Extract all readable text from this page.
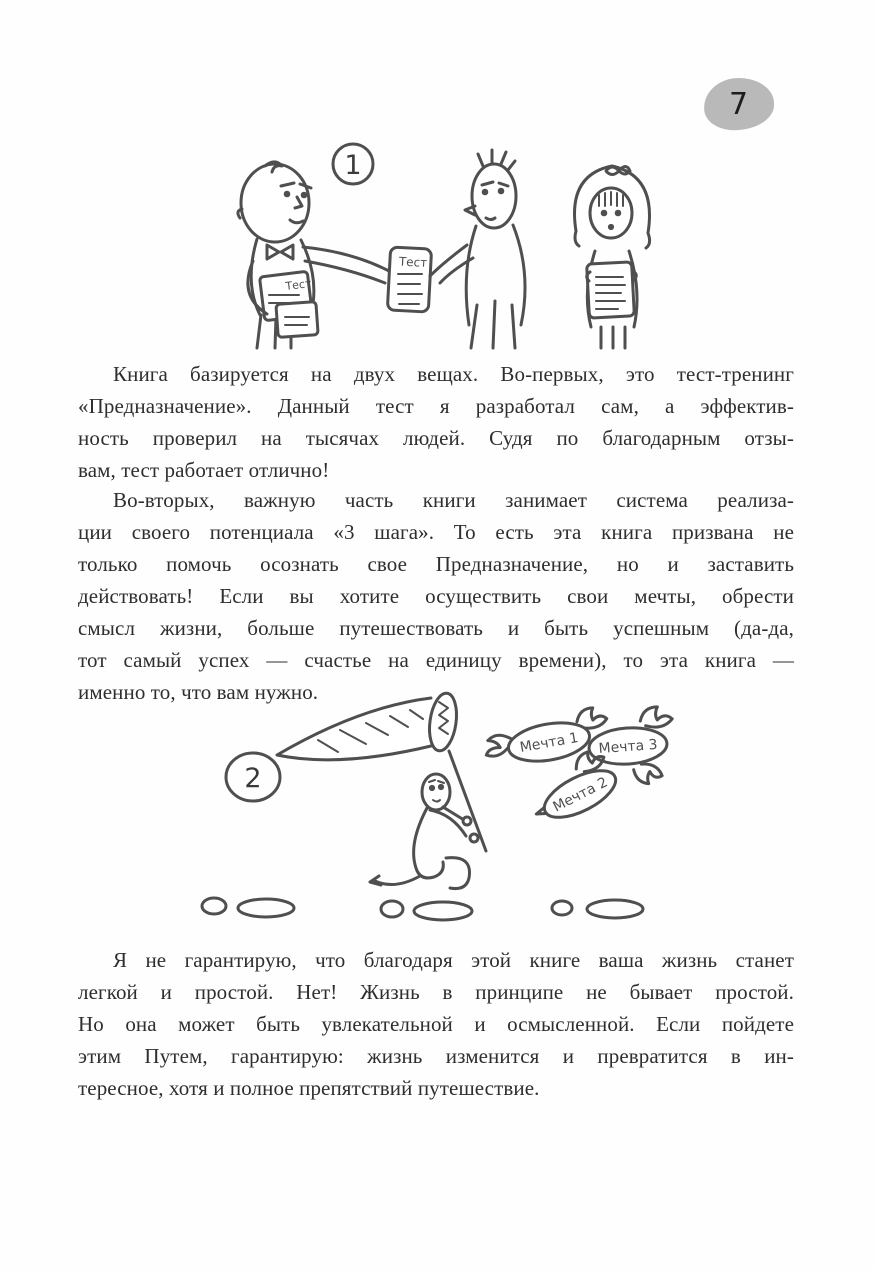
7
1
Тест
Тест
Книга базируется на двух вещах. Во-первых, это тест-тренинг
«Предназначение». Данный тест я разработал сам, а эффектив-
ность проверил на тысячах людей. Судя по благодарным отзы-
вам, тест работает отлично!
Во-вторых, важную часть книги занимает система реализа-
ции своего потенциала «3 шага». То есть эта книга призвана не
только помочь осознать свое Предназначение, но и заставить
действовать! Если вы хотите осуществить свои мечты, обрести
смысл жизни, больше путешествовать и быть успешным (да-да,
тот самый успех — счастье на единицу времени), то эта книга —
именно то, что вам нужно.
2
Мечта 1 Мечта 3
Мечта 2
Я не гарантирую, что благодаря этой книге ваша жизнь станет
легкой и простой. Нет! Жизнь в принципе не бывает простой.
Но она может быть увлекательной и осмысленной. Если пойдете
этим Путем, гарантирую: жизнь изменится и превратится в ин-
тересное, хотя и полное препятствий путешествие.
